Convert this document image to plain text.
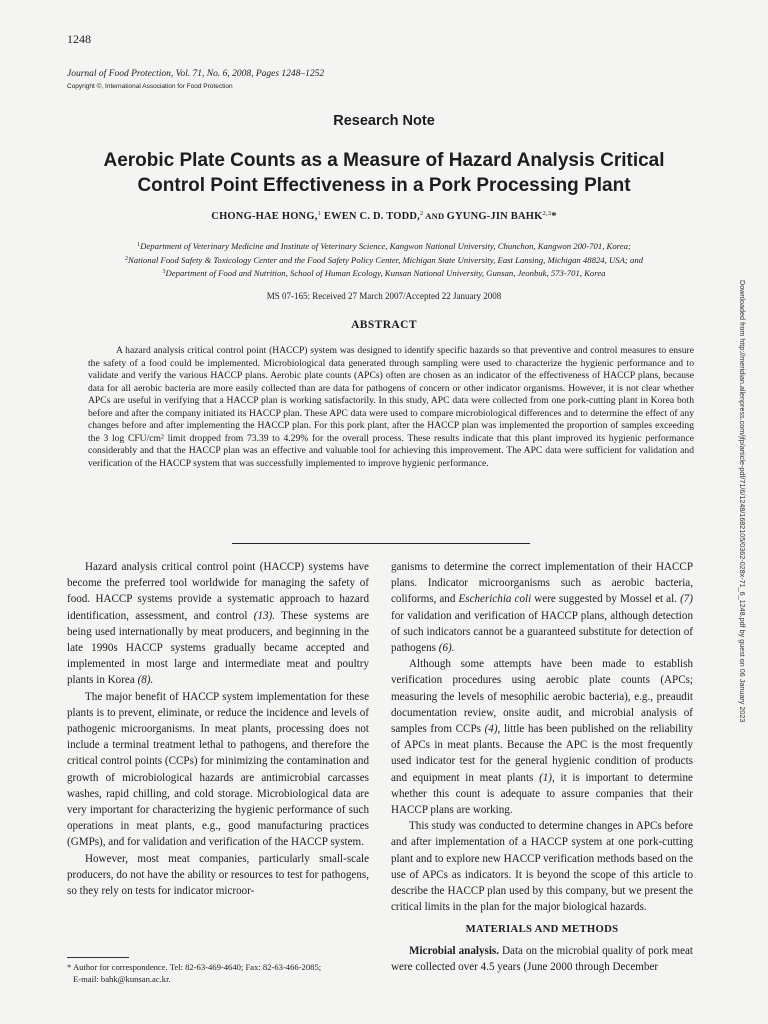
1248
Journal of Food Protection, Vol. 71, No. 6, 2008, Pages 1248–1252
Copyright ©, International Association for Food Protection
Research Note
Aerobic Plate Counts as a Measure of Hazard Analysis Critical
Control Point Effectiveness in a Pork Processing Plant
CHONG-HAE HONG,$^1$ EWEN C. D. TODD,$^2$ AND GYUNG-JIN BAHK$^{2,3}$*
$^1$Department of Veterinary Medicine and Institute of Veterinary Science, Kangwon National University, Chunchon, Kangwon 200-701, Korea;
$^2$National Food Safety & Toxicology Center and the Food Safety Policy Center, Michigan State University, East Lansing, Michigan 48824, USA; and
$^3$Department of Food and Nutrition, School of Human Ecology, Kunsan National University, Gunsan, Jeonbuk, 573-701, Korea
MS 07-165: Received 27 March 2007/Accepted 22 January 2008
ABSTRACT
A hazard analysis critical control point (HACCP) system was designed to identify specific hazards so that preventive and control measures to ensure the safety of a food could be implemented. Microbiological data generated through sampling were used to characterize the hygienic performance and to validate and verify the various HACCP plans. Aerobic plate counts (APCs) often are chosen as an indicator of the effectiveness of HACCP plans, because data for all aerobic bacteria are more easily collected than are data for pathogens of concern or other indicator organisms. However, it is not clear whether APCs are useful in verifying that a HACCP plan is working satisfactorily. In this study, APC data were collected from one pork-cutting plant in Korea both before and after the company initiated its HACCP plan. These APC data were used to compare microbiological differences and to determine the effect of any changes before and after implementing the HACCP plan. For this pork plant, after the HACCP plan was implemented the proportion of samples exceeding the 3 log CFU/cm² limit dropped from 73.39 to 4.29% for the overall process. These results indicate that this plant improved its hygienic performance considerably and that the HACCP plan was an effective and valuable tool for achieving this improvement. The APC data were sufficient for validation and verification of the HACCP system that was successfully implemented to improve hygienic performance.

Hazard analysis critical control point (HACCP) systems have become the preferred tool worldwide for managing the safety of food. HACCP systems provide a systematic approach to hazard identification, assessment, and control (13). These systems are being used internationally by meat producers, and beginning in the late 1990s HACCP systems gradually became accepted and implemented in most large and intermediate meat and poultry plants in Korea (8).

The major benefit of HACCP system implementation for these plants is to prevent, eliminate, or reduce the incidence and levels of pathogenic microorganisms. In meat plants, processing does not include a terminal treatment lethal to pathogens, and therefore the critical control points (CCPs) for minimizing the contamination and growth of microbiological hazards are antimicrobial carcasses washes, rapid chilling, and cold storage. Microbiological data are very important for characterizing the hygienic performance of such operations in meat plants, e.g., good manufacturing practices (GMPs), and for validation and verification of the HACCP system.

However, most meat companies, particularly small-scale producers, do not have the ability or resources to test for pathogens, so they rely on tests for indicator microor-

ganisms to determine the correct implementation of their HACCP plans. Indicator microorganisms such as aerobic bacteria, coliforms, and Escherichia coli were suggested by Mossel et al. (7) for validation and verification of HACCP plans, although detection of such indicators cannot be a guaranteed substitute for detection of pathogens (6).

Although some attempts have been made to establish verification procedures using aerobic plate counts (APCs; measuring the levels of mesophilic aerobic bacteria), e.g., preaudit documentation review, onsite audit, and microbial analysis of samples from CCPs (4), little has been published on the reliability of APCs in meat plants. Because the APC is the most frequently used indicator test for the general hygienic condition of products and equipment in meat plants (1), it is important to determine whether this count is adequate to assure companies that their HACCP plans are working.

This study was conducted to determine changes in APCs before and after implementation of a HACCP system at one pork-cutting plant and to explore new HACCP verification methods based on the use of APCs as indicators. It is beyond the scope of this article to describe the HACCP plan used by this company, but we present the critical limits in the plan for the major biological hazards.

MATERIALS AND METHODS

Microbial analysis. Data on the microbial quality of pork meat were collected over 4.5 years (June 2000 through December

* Author for correspondence. Tel: 82-63-469-4640; Fax: 82-63-466-2085;
E-mail: bahk@kunsan.ac.kr.
Downloaded from http://meridian.allenpress.com/jfp/article-pdf/71/6/1248/1682105/0362-028x-71_6_1248.pdf by guest on 06 January 2023
